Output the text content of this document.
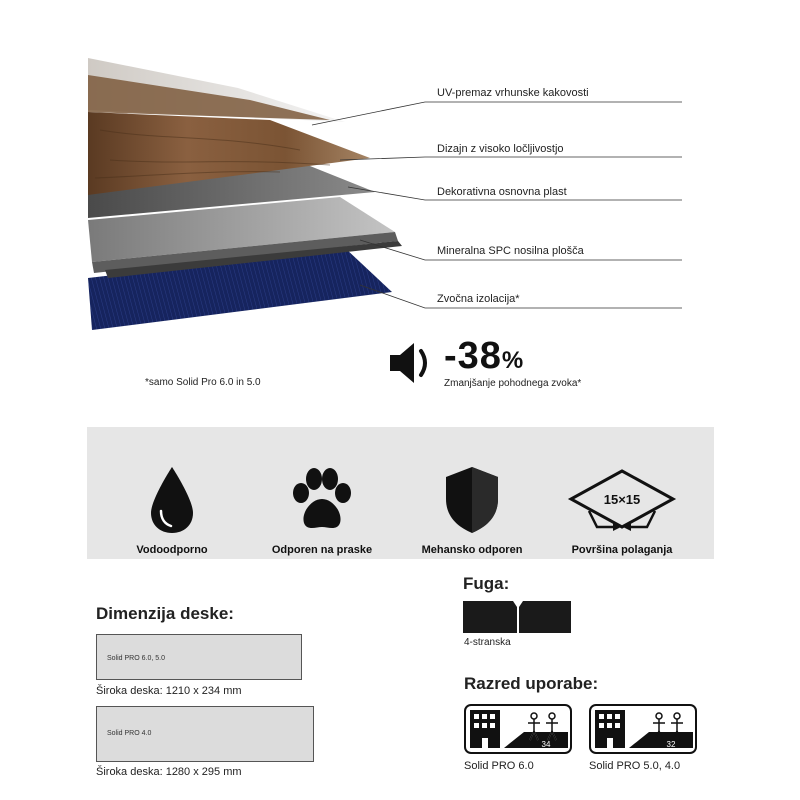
UV-premaz vrhunske kakovosti
Dizajn z visoko ločljivostjo
Dekorativna osnovna plast
Mineralna SPC nosilna plošča
Zvočna izolacija*
*samo Solid Pro 6.0 in 5.0
-38%
Zmanjšanje pohodnega zvoka*
Vodoodporno	Odporen na praske	Mehansko odporen
15×15
Površina polaganja
Dimenzija deske:
Solid PRO 6.0, 5.0
Široka deska: 1210 x 234 mm
Solid PRO 4.0
Široka deska: 1280 x 295 mm
Fuga:
4-stranska
Razred uporabe:
34
Solid PRO 6.0
32
Solid PRO 5.0, 4.0
